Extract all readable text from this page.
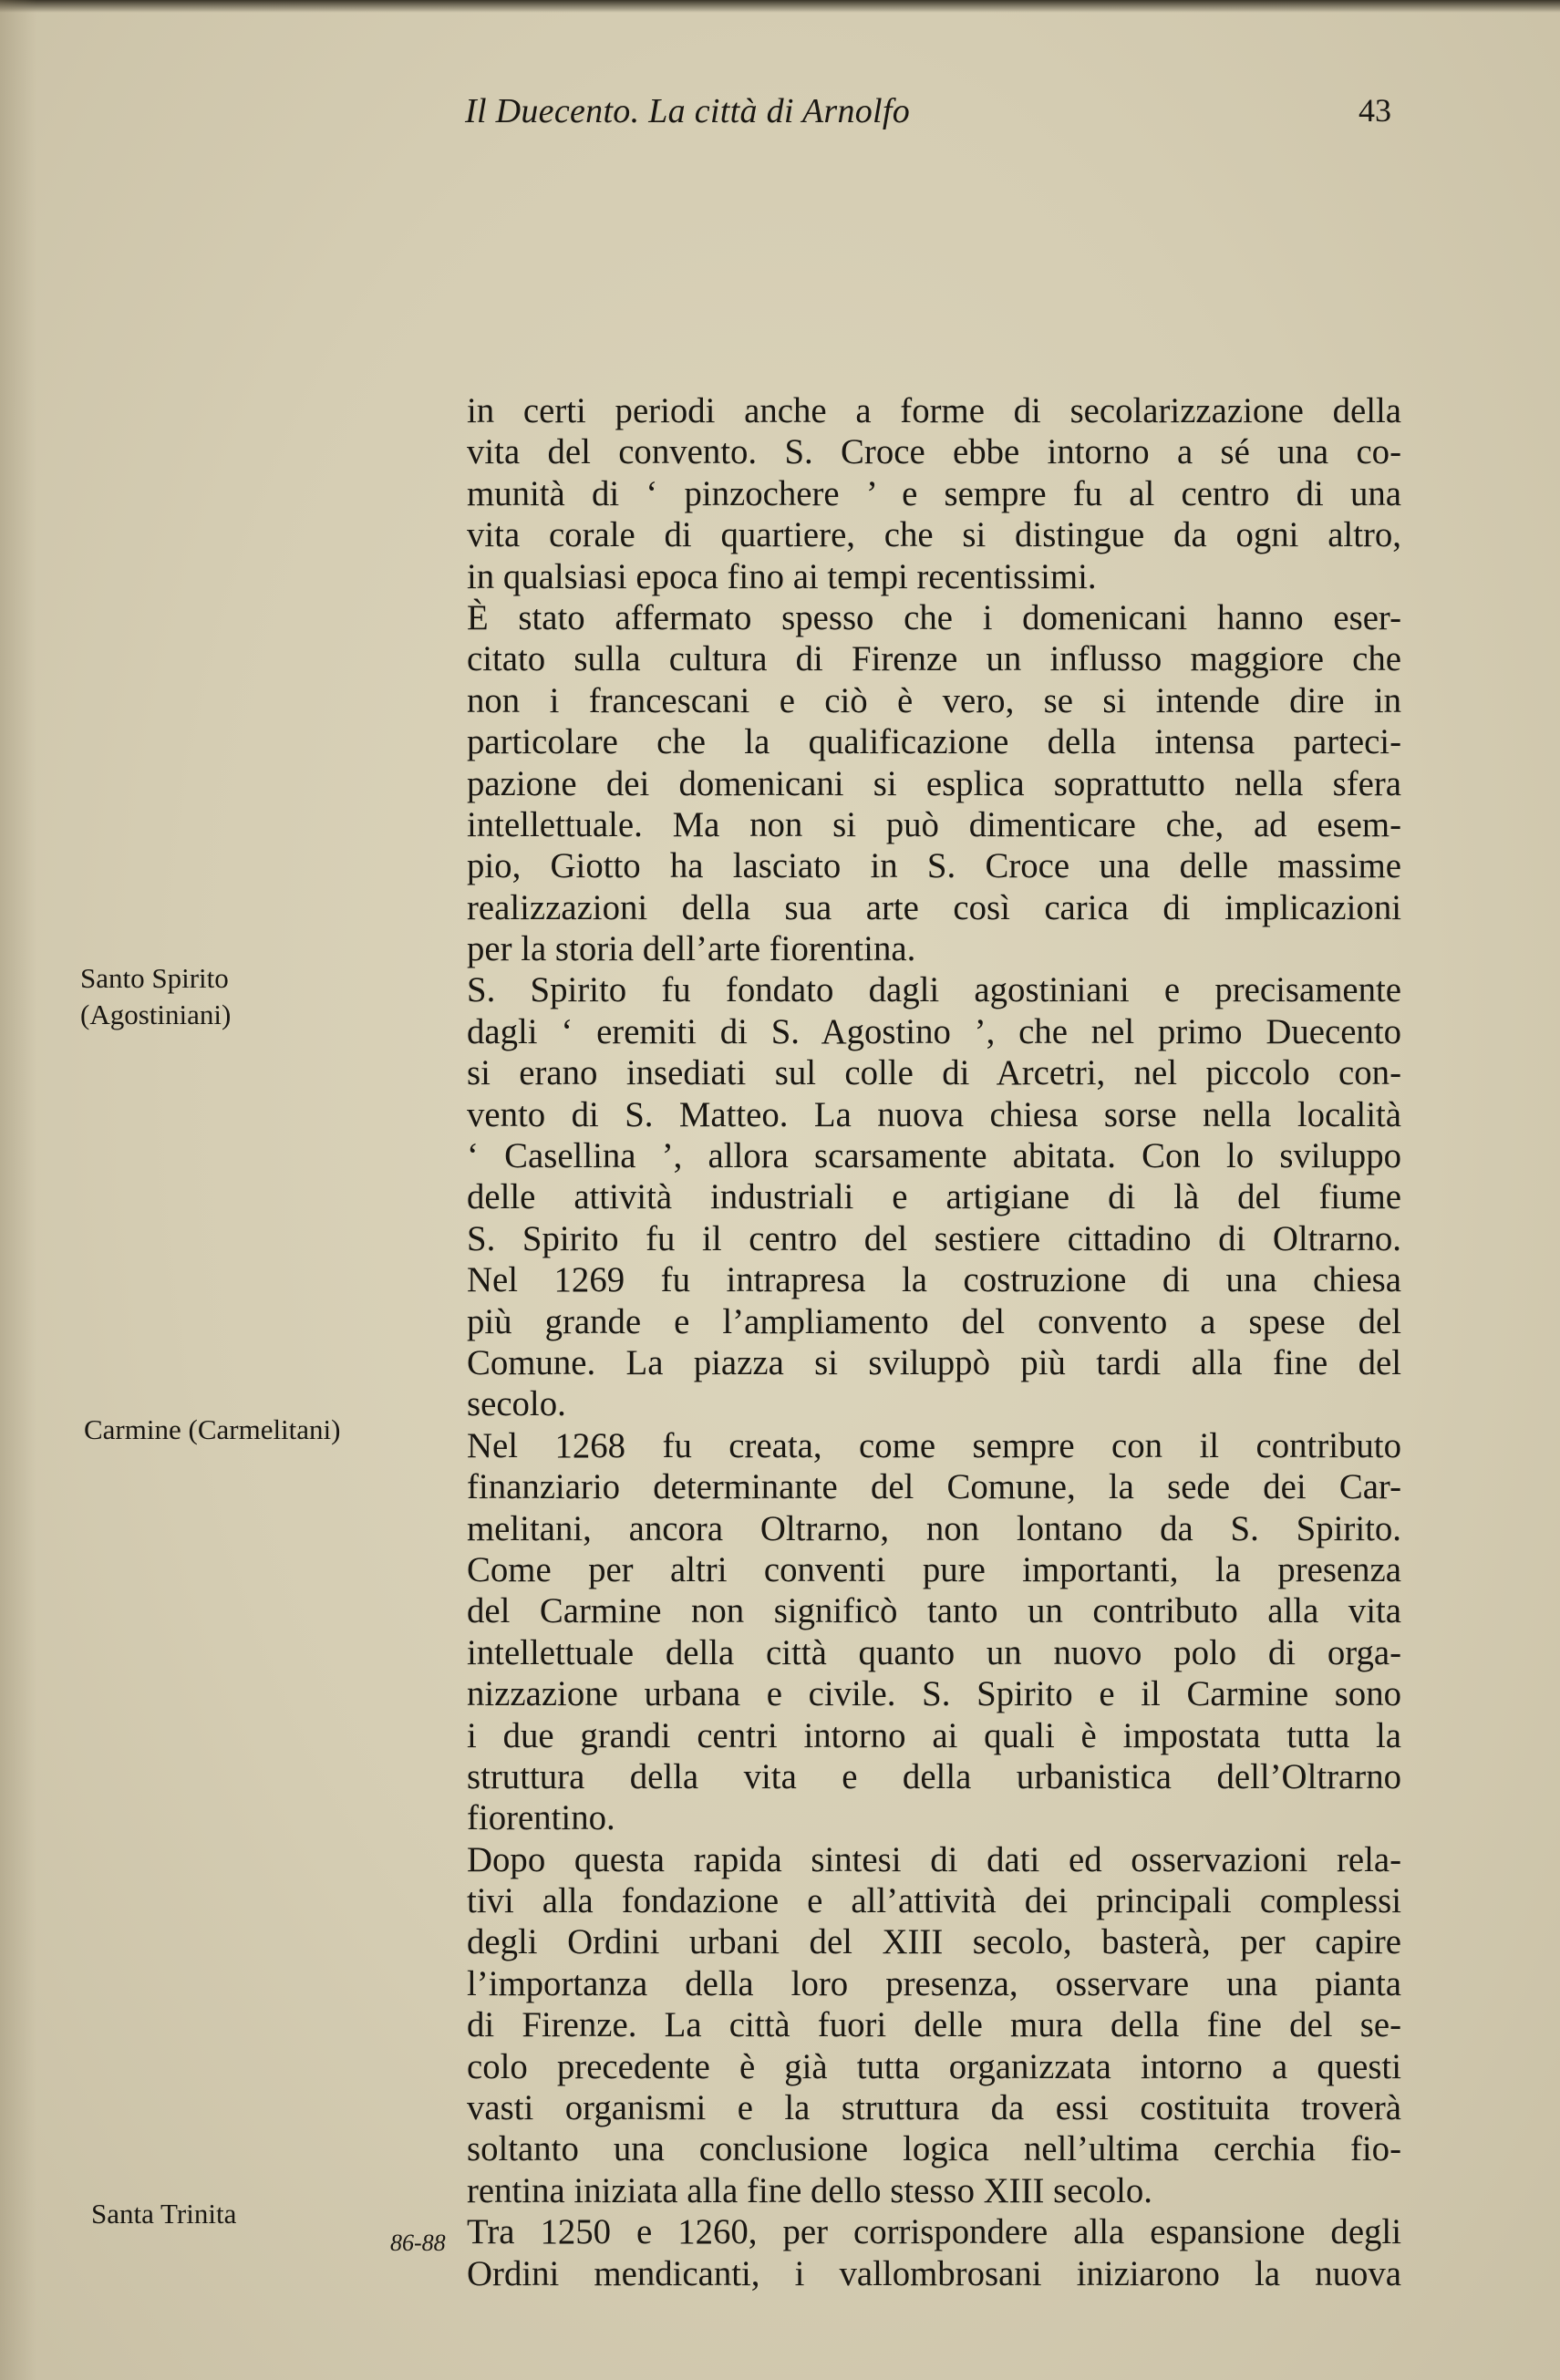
Il Duecento. La città di Arnolfo	43
Santo Spirito
(Agostiniani)
Carmine (Carmelitani)
Santa Trinita
86-88
in certi periodi anche a forme di secolarizzazione della
vita del convento. S. Croce ebbe intorno a sé una co-
munità di ‘ pinzochere ’ e sempre fu al centro di una
vita corale di quartiere, che si distingue da ogni altro,
in qualsiasi epoca fino ai tempi recentissimi.
È stato affermato spesso che i domenicani hanno eser-
citato sulla cultura di Firenze un influsso maggiore che
non i francescani e ciò è vero, se si intende dire in
particolare che la qualificazione della intensa parteci-
pazione dei domenicani si esplica soprattutto nella sfera
intellettuale. Ma non si può dimenticare che, ad esem-
pio, Giotto ha lasciato in S. Croce una delle massime
realizzazioni della sua arte così carica di implicazioni
per la storia dell’arte fiorentina.
S. Spirito fu fondato dagli agostiniani e precisamente
dagli ‘ eremiti di S. Agostino ’, che nel primo Duecento
si erano insediati sul colle di Arcetri, nel piccolo con-
vento di S. Matteo. La nuova chiesa sorse nella località
‘ Casellina ’, allora scarsamente abitata. Con lo sviluppo
delle attività industriali e artigiane di là del fiume
S. Spirito fu il centro del sestiere cittadino di Oltrarno.
Nel 1269 fu intrapresa la costruzione di una chiesa
più grande e l’ampliamento del convento a spese del
Comune. La piazza si sviluppò più tardi alla fine del
secolo.
Nel 1268 fu creata, come sempre con il contributo
finanziario determinante del Comune, la sede dei Car-
melitani, ancora Oltrarno, non lontano da S. Spirito.
Come per altri conventi pure importanti, la presenza
del Carmine non significò tanto un contributo alla vita
intellettuale della città quanto un nuovo polo di orga-
nizzazione urbana e civile. S. Spirito e il Carmine sono
i due grandi centri intorno ai quali è impostata tutta la
struttura della vita e della urbanistica dell’Oltrarno
fiorentino.
Dopo questa rapida sintesi di dati ed osservazioni rela-
tivi alla fondazione e all’attività dei principali complessi
degli Ordini urbani del XIII secolo, basterà, per capire
l’importanza della loro presenza, osservare una pianta
di Firenze. La città fuori delle mura della fine del se-
colo precedente è già tutta organizzata intorno a questi
vasti organismi e la struttura da essi costituita troverà
soltanto una conclusione logica nell’ultima cerchia fio-
rentina iniziata alla fine dello stesso XIII secolo.
Tra 1250 e 1260, per corrispondere alla espansione degli
Ordini mendicanti, i vallombrosani iniziarono la nuova
